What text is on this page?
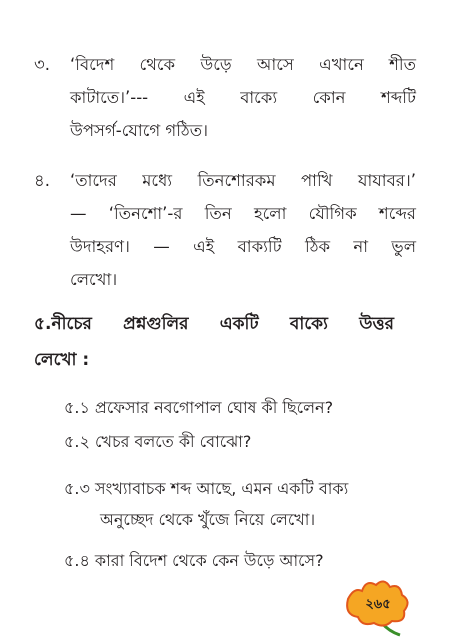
৩. ‘বিদেশ থেকে উড়ে আসে এখানে শীত
কাটাতে।’--- এই বাক্যে কোন শব্দটি
উপসর্গ-যোগে গঠিত।
৪. ‘তাদের মধ্যে তিনশোরকম পাখি যাযাবর।’
— ‘তিনশো’-র তিন হলো যৌগিক শব্দের
উদাহরণ। — এই বাক্যটি ঠিক না ভুল
লেখো।
৫.নীচের প্রশ্নগুলির একটি বাক্যে উত্তর
লেখো :
৫.১ প্রফেসার নবগোপাল ঘোষ কী ছিলেন?
৫.২ খেচর বলতে কী বোঝো?
৫.৩ সংখ্যাবাচক শব্দ আছে, এমন একটি বাক্য
অনুচ্ছেদ থেকে খুঁজে নিয়ে লেখো।
৫.৪ কারা বিদেশ থেকে কেন উড়ে আসে?
২৬৫
